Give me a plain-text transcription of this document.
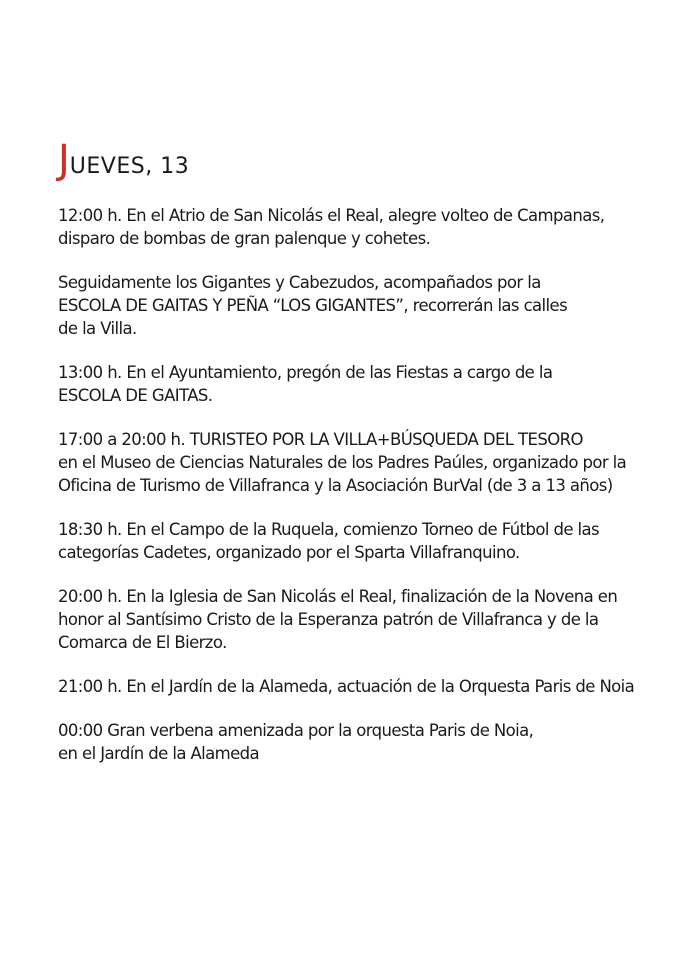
JUEVES, 13
12:00 h. En el Atrio de San Nicolás el Real, alegre volteo de Campanas,
disparo de bombas de gran palenque y cohetes.
Seguidamente los Gigantes y Cabezudos, acompañados por la
ESCOLA DE GAITAS Y PEÑA “LOS GIGANTES”, recorrerán las calles
de la Villa.
13:00 h. En el Ayuntamiento, pregón de las Fiestas a cargo de la
ESCOLA DE GAITAS.
17:00 a 20:00 h. TURISTEO POR LA VILLA+BÚSQUEDA DEL TESORO
en el Museo de Ciencias Naturales de los Padres Paúles, organizado por la
Oficina de Turismo de Villafranca y la Asociación BurVal (de 3 a 13 años)
18:30 h. En el Campo de la Ruquela, comienzo Torneo de Fútbol de las
categorías Cadetes, organizado por el Sparta Villafranquino.
20:00 h. En la Iglesia de San Nicolás el Real, finalización de la Novena en
honor al Santísimo Cristo de la Esperanza patrón de Villafranca y de la
Comarca de El Bierzo.
21:00 h. En el Jardín de la Alameda, actuación de la Orquesta Paris de Noia
00:00 Gran verbena amenizada por la orquesta Paris de Noia,
en el Jardín de la Alameda
